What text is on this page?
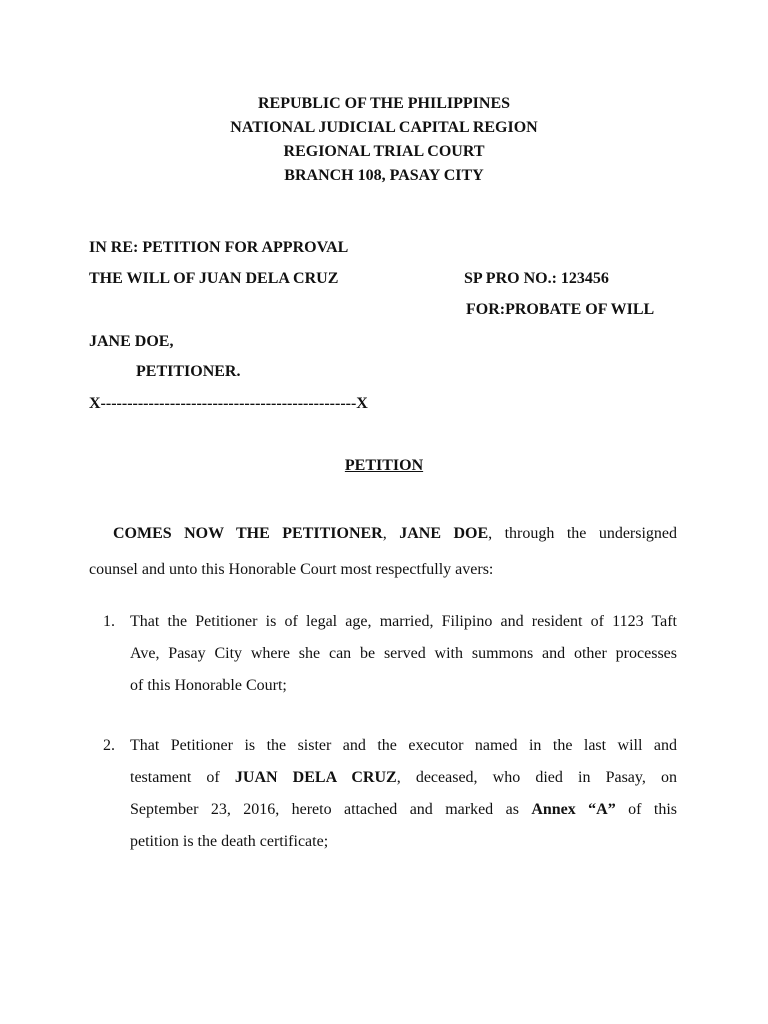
REPUBLIC OF THE PHILIPPINES
NATIONAL JUDICIAL CAPITAL REGION
REGIONAL TRIAL COURT
BRANCH 108, PASAY CITY
IN RE: PETITION FOR APPROVAL
THE WILL OF JUAN DELA CRUZ	SP PRO NO.: 123456
FOR:PROBATE OF WILL
JANE DOE,
PETITIONER.
X------------------------------------------------X
PETITION
COMES NOW THE PETITIONER, JANE DOE, through the undersigned
counsel and unto this Honorable Court most respectfully avers:
1. That the Petitioner is of legal age, married, Filipino and resident of 1123 Taft
Ave, Pasay City where she can be served with summons and other processes
of this Honorable Court;
2. That Petitioner is the sister and the executor named in the last will and
testament of JUAN DELA CRUZ, deceased, who died in Pasay, on
September 23, 2016, hereto attached and marked as Annex “A” of this
petition is the death certificate;
